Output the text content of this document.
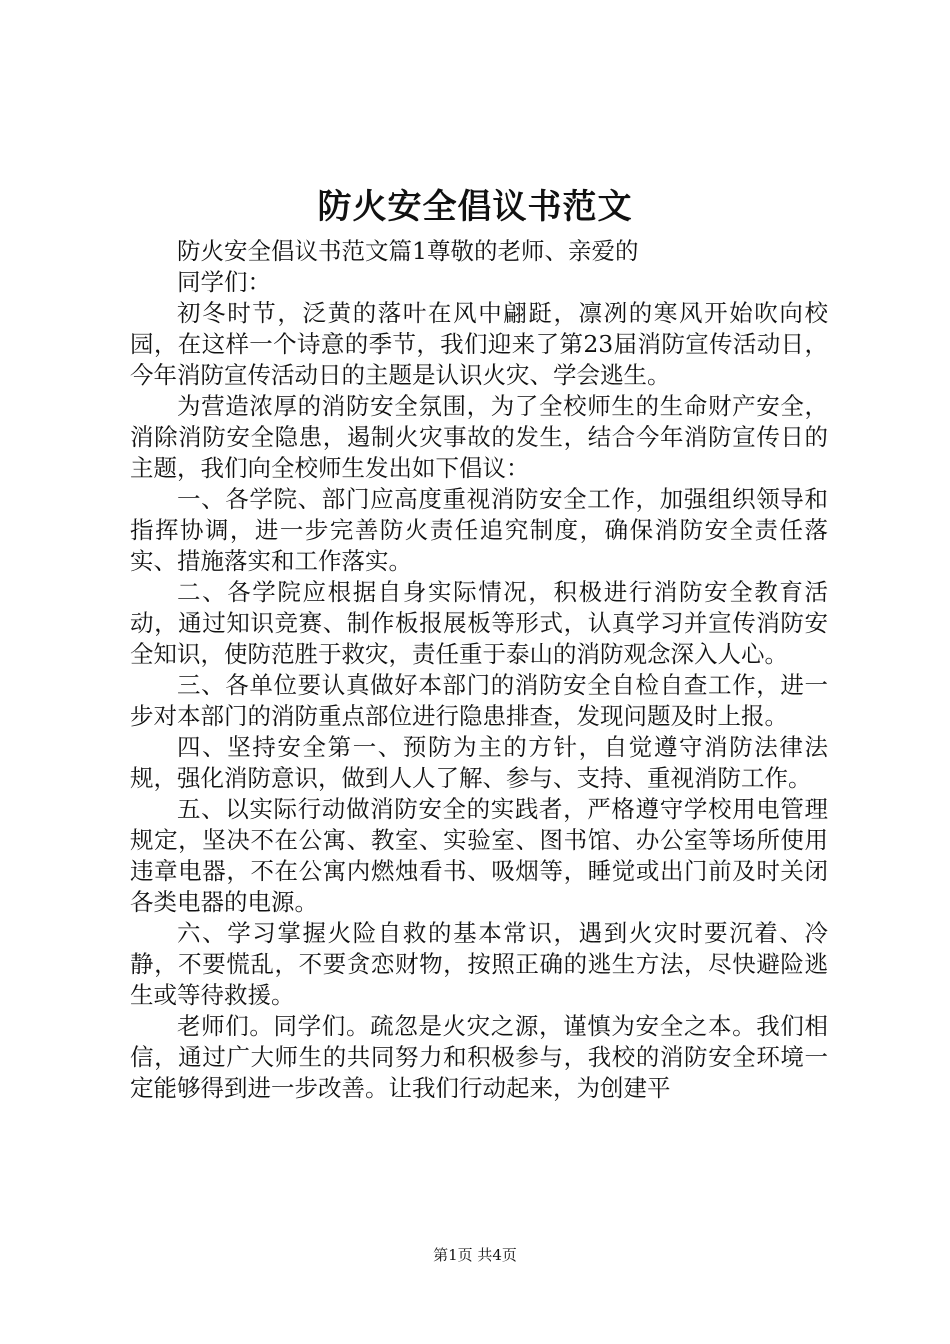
防火安全倡议书范文

防火安全倡议书范文篇1尊敬的老师、亲爱的

同学们：

初冬时节，泛黄的落叶在风中翩跹，凛冽的寒风开始吹向校园，在这样一个诗意的季节，我们迎来了第23届消防宣传活动日，今年消防宣传活动日的主题是认识火灾、学会逃生。

为营造浓厚的消防安全氛围，为了全校师生的生命财产安全，消除消防安全隐患，遏制火灾事故的发生，结合今年消防宣传日的主题，我们向全校师生发出如下倡议：

一、各学院、部门应高度重视消防安全工作，加强组织领导和指挥协调，进一步完善防火责任追究制度，确保消防安全责任落实、措施落实和工作落实。

二、各学院应根据自身实际情况，积极进行消防安全教育活动，通过知识竞赛、制作板报展板等形式，认真学习并宣传消防安全知识，使防范胜于救灾，责任重于泰山的消防观念深入人心。

三、各单位要认真做好本部门的消防安全自检自查工作，进一步对本部门的消防重点部位进行隐患排查，发现问题及时上报。

四、坚持安全第一、预防为主的方针，自觉遵守消防法律法规，强化消防意识，做到人人了解、参与、支持、重视消防工作。

五、以实际行动做消防安全的实践者，严格遵守学校用电管理规定，坚决不在公寓、教室、实验室、图书馆、办公室等场所使用违章电器，不在公寓内燃烛看书、吸烟等，睡觉或出门前及时关闭各类电器的电源。

六、学习掌握火险自救的基本常识，遇到火灾时要沉着、冷静，不要慌乱，不要贪恋财物，按照正确的逃生方法，尽快避险逃生或等待救援。

老师们。同学们。疏忽是火灾之源，谨慎为安全之本。我们相信，通过广大师生的共同努力和积极参与，我校的消防安全环境一定能够得到进一步改善。让我们行动起来，为创建平

第1页 共4页
